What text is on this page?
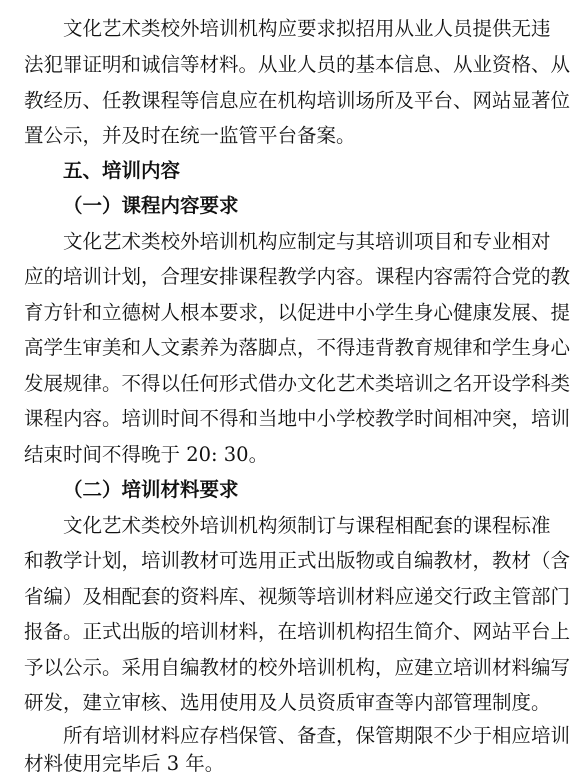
文化艺术类校外培训机构应要求拟招用从业人员提供无违
法犯罪证明和诚信等材料。从业人员的基本信息、从业资格、从
教经历、任教课程等信息应在机构培训场所及平台、网站显著位
置公示，并及时在统一监管平台备案。
五、培训内容
（一）课程内容要求
文化艺术类校外培训机构应制定与其培训项目和专业相对
应的培训计划，合理安排课程教学内容。课程内容需符合党的教
育方针和立德树人根本要求，以促进中小学生身心健康发展、提
高学生审美和人文素养为落脚点，不得违背教育规律和学生身心
发展规律。不得以任何形式借办文化艺术类培训之名开设学科类
课程内容。培训时间不得和当地中小学校教学时间相冲突，培训
结束时间不得晚于 20: 30。
（二）培训材料要求
文化艺术类校外培训机构须制订与课程相配套的课程标准
和教学计划，培训教材可选用正式出版物或自编教材，教材（含
省编）及相配套的资料库、视频等培训材料应递交行政主管部门
报备。正式出版的培训材料，在培训机构招生简介、网站平台上
予以公示。采用自编教材的校外培训机构，应建立培训材料编写
研发，建立审核、选用使用及人员资质审查等内部管理制度。
所有培训材料应存档保管、备查，保管期限不少于相应培训
材料使用完毕后 3 年。
